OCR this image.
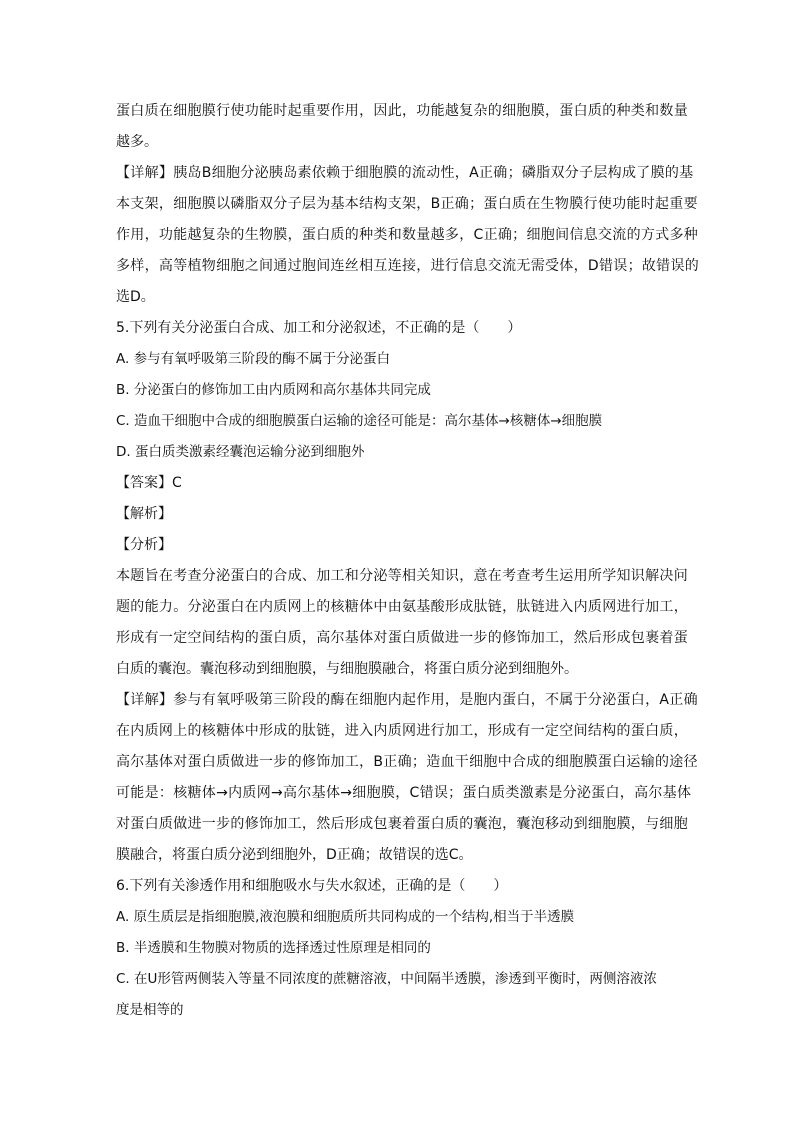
蛋白质在细胞膜行使功能时起重要作用，因此，功能越复杂的细胞膜，蛋白质的种类和数量
越多。
【详解】胰岛B细胞分泌胰岛素依赖于细胞膜的流动性，A正确；磷脂双分子层构成了膜的基
本支架，细胞膜以磷脂双分子层为基本结构支架，B正确；蛋白质在生物膜行使功能时起重要
作用，功能越复杂的生物膜，蛋白质的种类和数量越多，C正确；细胞间信息交流的方式多种
多样，高等植物细胞之间通过胞间连丝相互连接，进行信息交流无需受体，D错误；故错误的
选D。
5.下列有关分泌蛋白合成、加工和分泌叙述，不正确的是（　　）
A. 参与有氧呼吸第三阶段的酶不属于分泌蛋白
B. 分泌蛋白的修饰加工由内质网和高尔基体共同完成
C. 造血干细胞中合成的细胞膜蛋白运输的途径可能是：高尔基体→核糖体→细胞膜
D. 蛋白质类激素经囊泡运输分泌到细胞外
【答案】C
【解析】
【分析】
本题旨在考查分泌蛋白的合成、加工和分泌等相关知识，意在考查考生运用所学知识解决问
题的能力。分泌蛋白在内质网上的核糖体中由氨基酸形成肽链，肽链进入内质网进行加工，
形成有一定空间结构的蛋白质，高尔基体对蛋白质做进一步的修饰加工，然后形成包裹着蛋
白质的囊泡。囊泡移动到细胞膜，与细胞膜融合，将蛋白质分泌到细胞外。
【详解】参与有氧呼吸第三阶段的酶在细胞内起作用，是胞内蛋白，不属于分泌蛋白，A正确
在内质网上的核糖体中形成的肽链，进入内质网进行加工，形成有一定空间结构的蛋白质，
高尔基体对蛋白质做进一步的修饰加工，B正确；造血干细胞中合成的细胞膜蛋白运输的途径
可能是：核糖体→内质网→高尔基体→细胞膜，C错误；蛋白质类激素是分泌蛋白，高尔基体
对蛋白质做进一步的修饰加工，然后形成包裹着蛋白质的囊泡，囊泡移动到细胞膜，与细胞
膜融合，将蛋白质分泌到细胞外，D正确；故错误的选C。
6.下列有关渗透作用和细胞吸水与失水叙述，正确的是（　　）
A. 原生质层是指细胞膜,液泡膜和细胞质所共同构成的一个结构,相当于半透膜
B. 半透膜和生物膜对物质的选择透过性原理是相同的
C. 在U形管两侧装入等量不同浓度的蔗糖溶液，中间隔半透膜，渗透到平衡时，两侧溶液浓
度是相等的
